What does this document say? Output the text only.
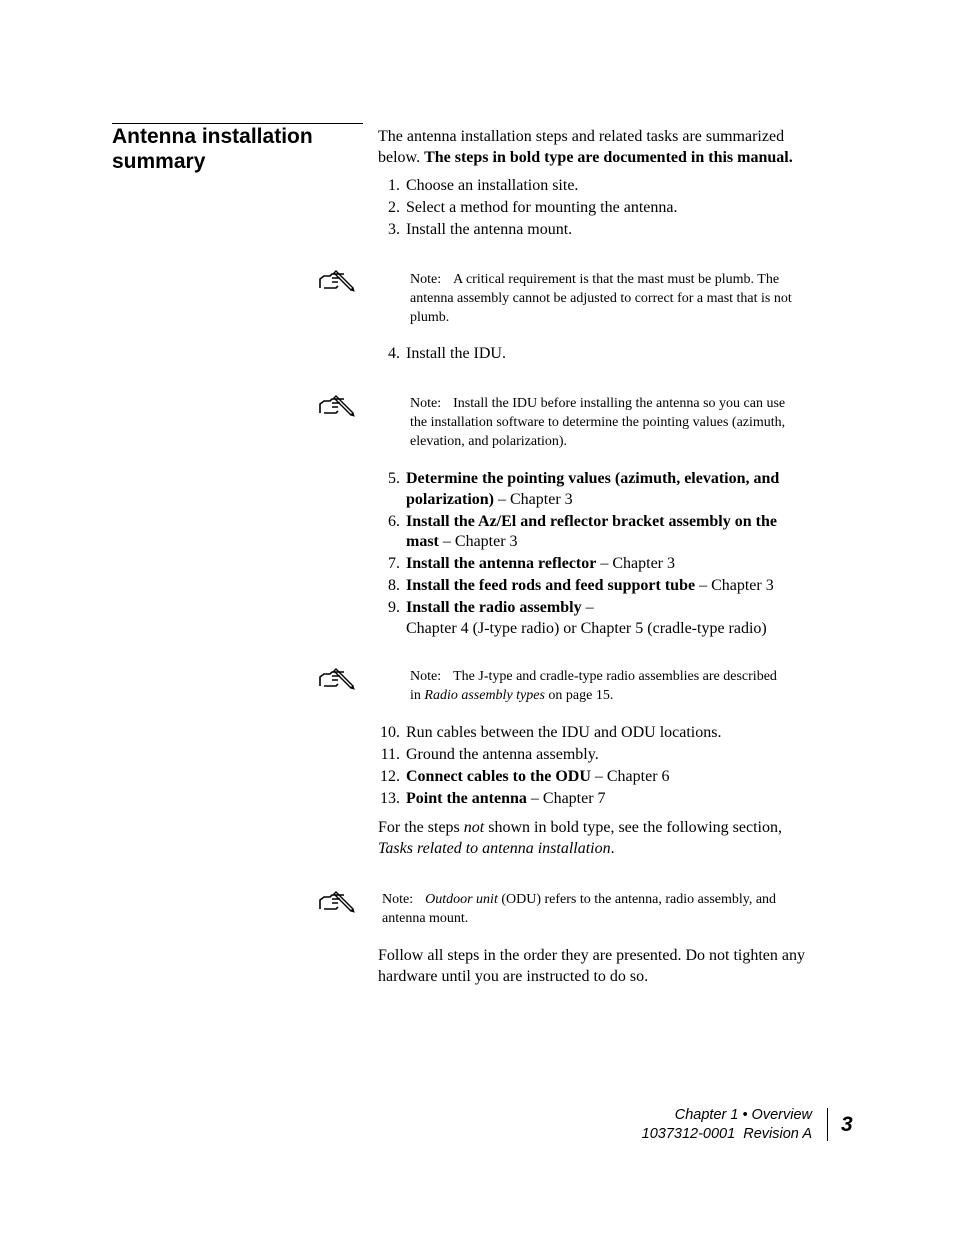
Antenna installation summary

The antenna installation steps and related tasks are summarized below. The steps in bold type are documented in this manual.

1. Choose an installation site.
2. Select a method for mounting the antenna.
3. Install the antenna mount.
Note: A critical requirement is that the mast must be plumb. The antenna assembly cannot be adjusted to correct for a mast that is not plumb.
4. Install the IDU.
Note: Install the IDU before installing the antenna so you can use the installation software to determine the pointing values (azimuth, elevation, and polarization).
5. Determine the pointing values (azimuth, elevation, and polarization) – Chapter 3
6. Install the Az/El and reflector bracket assembly on the mast – Chapter 3
7. Install the antenna reflector – Chapter 3
8. Install the feed rods and feed support tube – Chapter 3
9. Install the radio assembly –
Chapter 4 (J-type radio) or Chapter 5 (cradle-type radio)
Note: The J-type and cradle-type radio assemblies are described in Radio assembly types on page 15.
10. Run cables between the IDU and ODU locations.
11. Ground the antenna assembly.
12. Connect cables to the ODU – Chapter 6
13. Point the antenna – Chapter 7

For the steps not shown in bold type, see the following section, Tasks related to antenna installation.

Note: Outdoor unit (ODU) refers to the antenna, radio assembly, and antenna mount.

Follow all steps in the order they are presented. Do not tighten any hardware until you are instructed to do so.

Chapter 1 • Overview
1037312-0001  Revision A 3
